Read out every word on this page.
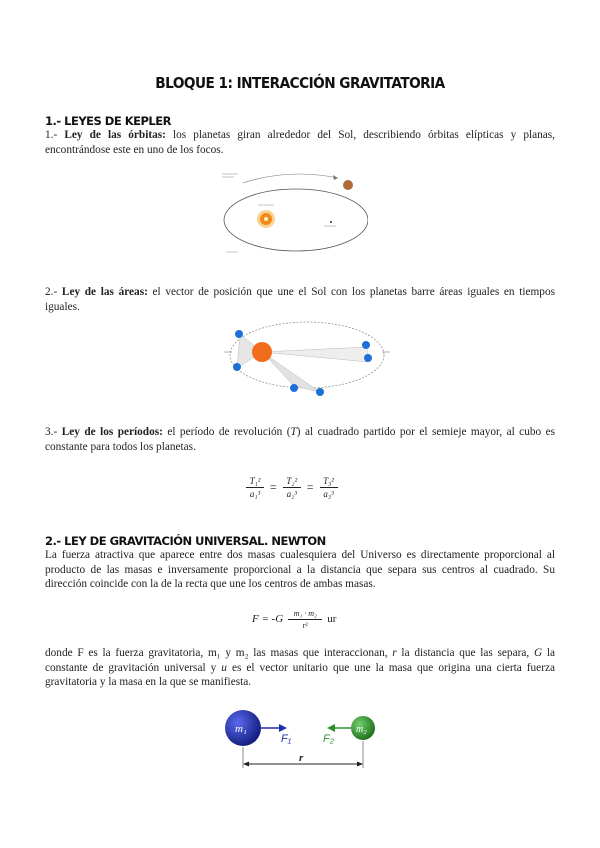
BLOQUE 1: INTERACCIÓN GRAVITATORIA
1.- LEYES DE KEPLER
1.- Ley de las órbitas: los planetas giran alrededor del Sol, describiendo órbitas elípticas y planas, encontrándose este en uno de los focos.
2.- Ley de las áreas: el vector de posición que une el Sol con los planetas barre áreas iguales en tiempos iguales.
3.- Ley de los períodos: el período de revolución (T) al cuadrado partido por el semieje mayor, al cubo es constante para todos los planetas.
T₁²
a₁³ = T₂²
a₂³ = T₃²
a₃³
2.- LEY DE GRAVITACIÓN UNIVERSAL. NEWTON
La fuerza atractiva que aparece entre dos masas cualesquiera del Universo es directamente proporcional al producto de las masas e inversamente proporcional a la distancia que separa sus centros al cuadrado. Su dirección coincide con la de la recta que une los centros de ambas masas.
F = -G m₁ · m₂
r² ur
donde F es la fuerza gravitatoria, m₁ y m₂ las masas que interaccionan, r la distancia que las separa, G la constante de gravitación universal y u es el vector unitario que une la masa que origina una cierta fuerza gravitatoria y la masa en la que se manifiesta.
m₁
F₁
m₂
F₂
r
